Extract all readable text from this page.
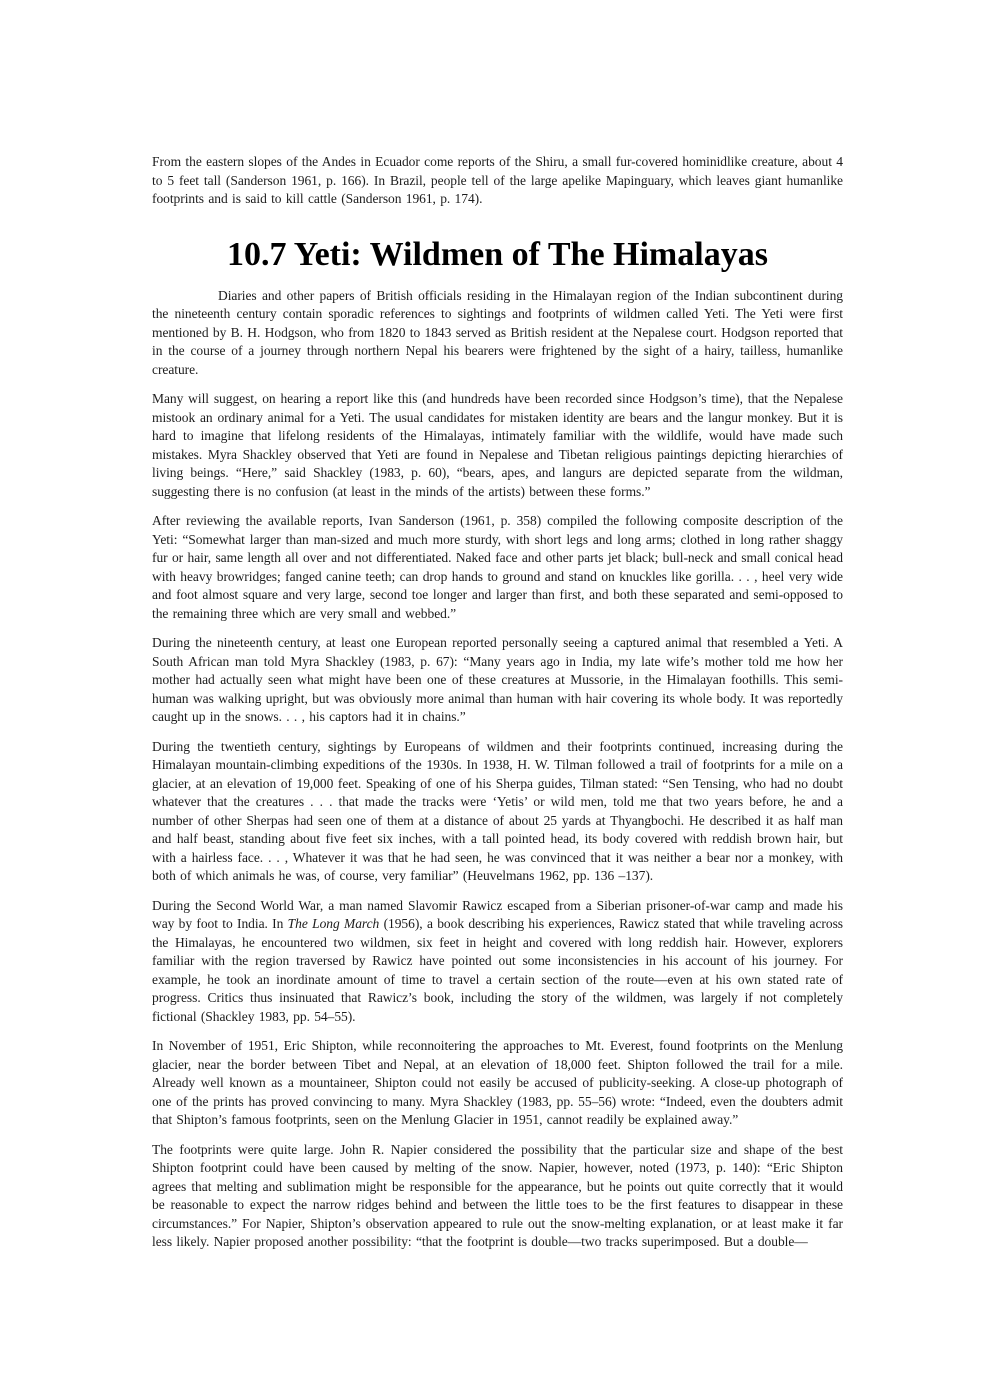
From the eastern slopes of the Andes in Ecuador come reports of the Shiru, a small fur-covered hominidlike creature, about 4 to 5 feet tall (Sanderson 1961, p. 166). In Brazil, people tell of the large apelike Mapinguary, which leaves giant humanlike footprints and is said to kill cattle (Sanderson 1961, p. 174).

10.7 Yeti: Wildmen of The Himalayas

Diaries and other papers of British officials residing in the Himalayan region of the Indian subcontinent during the nineteenth century contain sporadic references to sightings and footprints of wildmen called Yeti. The Yeti were first mentioned by B. H. Hodgson, who from 1820 to 1843 served as British resident at the Nepalese court. Hodgson reported that in the course of a journey through northern Nepal his bearers were frightened by the sight of a hairy, tailless, humanlike creature.

Many will suggest, on hearing a report like this (and hundreds have been recorded since Hodgson’s time), that the Nepalese mistook an ordinary animal for a Yeti. The usual candidates for mistaken identity are bears and the langur monkey. But it is hard to imagine that lifelong residents of the Himalayas, intimately familiar with the wildlife, would have made such mistakes. Myra Shackley observed that Yeti are found in Nepalese and Tibetan religious paintings depicting hierarchies of living beings. “Here,” said Shackley (1983, p. 60), “bears, apes, and langurs are depicted separate from the wildman, suggesting there is no confusion (at least in the minds of the artists) between these forms.”

After reviewing the available reports, Ivan Sanderson (1961, p. 358) compiled the following composite description of the Yeti: “Somewhat larger than man-sized and much more sturdy, with short legs and long arms; clothed in long rather shaggy fur or hair, same length all over and not differentiated. Naked face and other parts jet black; bull-neck and small conical head with heavy browridges; fanged canine teeth; can drop hands to ground and stand on knuckles like gorilla. . . , heel very wide and foot almost square and very large, second toe longer and larger than first, and both these separated and semi-opposed to the remaining three which are very small and webbed.”

During the nineteenth century, at least one European reported personally seeing a captured animal that resembled a Yeti. A South African man told Myra Shackley (1983, p. 67): “Many years ago in India, my late wife’s mother told me how her mother had actually seen what might have been one of these creatures at Mussorie, in the Himalayan foothills. This semi-human was walking upright, but was obviously more animal than human with hair covering its whole body. It was reportedly caught up in the snows. . . , his captors had it in chains.”

During the twentieth century, sightings by Europeans of wildmen and their footprints continued, increasing during the Himalayan mountain-climbing expeditions of the 1930s. In 1938, H. W. Tilman followed a trail of footprints for a mile on a glacier, at an elevation of 19,000 feet. Speaking of one of his Sherpa guides, Tilman stated: “Sen Tensing, who had no doubt whatever that the creatures . . . that made the tracks were ‘Yetis’ or wild men, told me that two years before, he and a number of other Sherpas had seen one of them at a distance of about 25 yards at Thyangbochi. He described it as half man and half beast, standing about five feet six inches, with a tall pointed head, its body covered with reddish brown hair, but with a hairless face. . . , Whatever it was that he had seen, he was convinced that it was neither a bear nor a monkey, with both of which animals he was, of course, very familiar” (Heuvelmans 1962, pp. 136 –137).

During the Second World War, a man named Slavomir Rawicz escaped from a Siberian prisoner-of-war camp and made his way by foot to India. In The Long March (1956), a book describing his experiences, Rawicz stated that while traveling across the Himalayas, he encountered two wildmen, six feet in height and covered with long reddish hair. However, explorers familiar with the region traversed by Rawicz have pointed out some inconsistencies in his account of his journey. For example, he took an inordinate amount of time to travel a certain section of the route—even at his own stated rate of progress. Critics thus insinuated that Rawicz’s book, including the story of the wildmen, was largely if not completely fictional (Shackley 1983, pp. 54–55).

In November of 1951, Eric Shipton, while reconnoitering the approaches to Mt. Everest, found footprints on the Menlung glacier, near the border between Tibet and Nepal, at an elevation of 18,000 feet. Shipton followed the trail for a mile. Already well known as a mountaineer, Shipton could not easily be accused of publicity-seeking. A close-up photograph of one of the prints has proved convincing to many. Myra Shackley (1983, pp. 55–56) wrote: “Indeed, even the doubters admit that Shipton’s famous footprints, seen on the Menlung Glacier in 1951, cannot readily be explained away.”

The footprints were quite large. John R. Napier considered the possibility that the particular size and shape of the best Shipton footprint could have been caused by melting of the snow. Napier, however, noted (1973, p. 140): “Eric Shipton agrees that melting and sublimation might be responsible for the appearance, but he points out quite correctly that it would be reasonable to expect the narrow ridges behind and between the little toes to be the first features to disappear in these circumstances.” For Napier, Shipton’s observation appeared to rule out the snow-melting explanation, or at least make it far less likely. Napier proposed another possibility: “that the footprint is double—two tracks superimposed. But a double—
